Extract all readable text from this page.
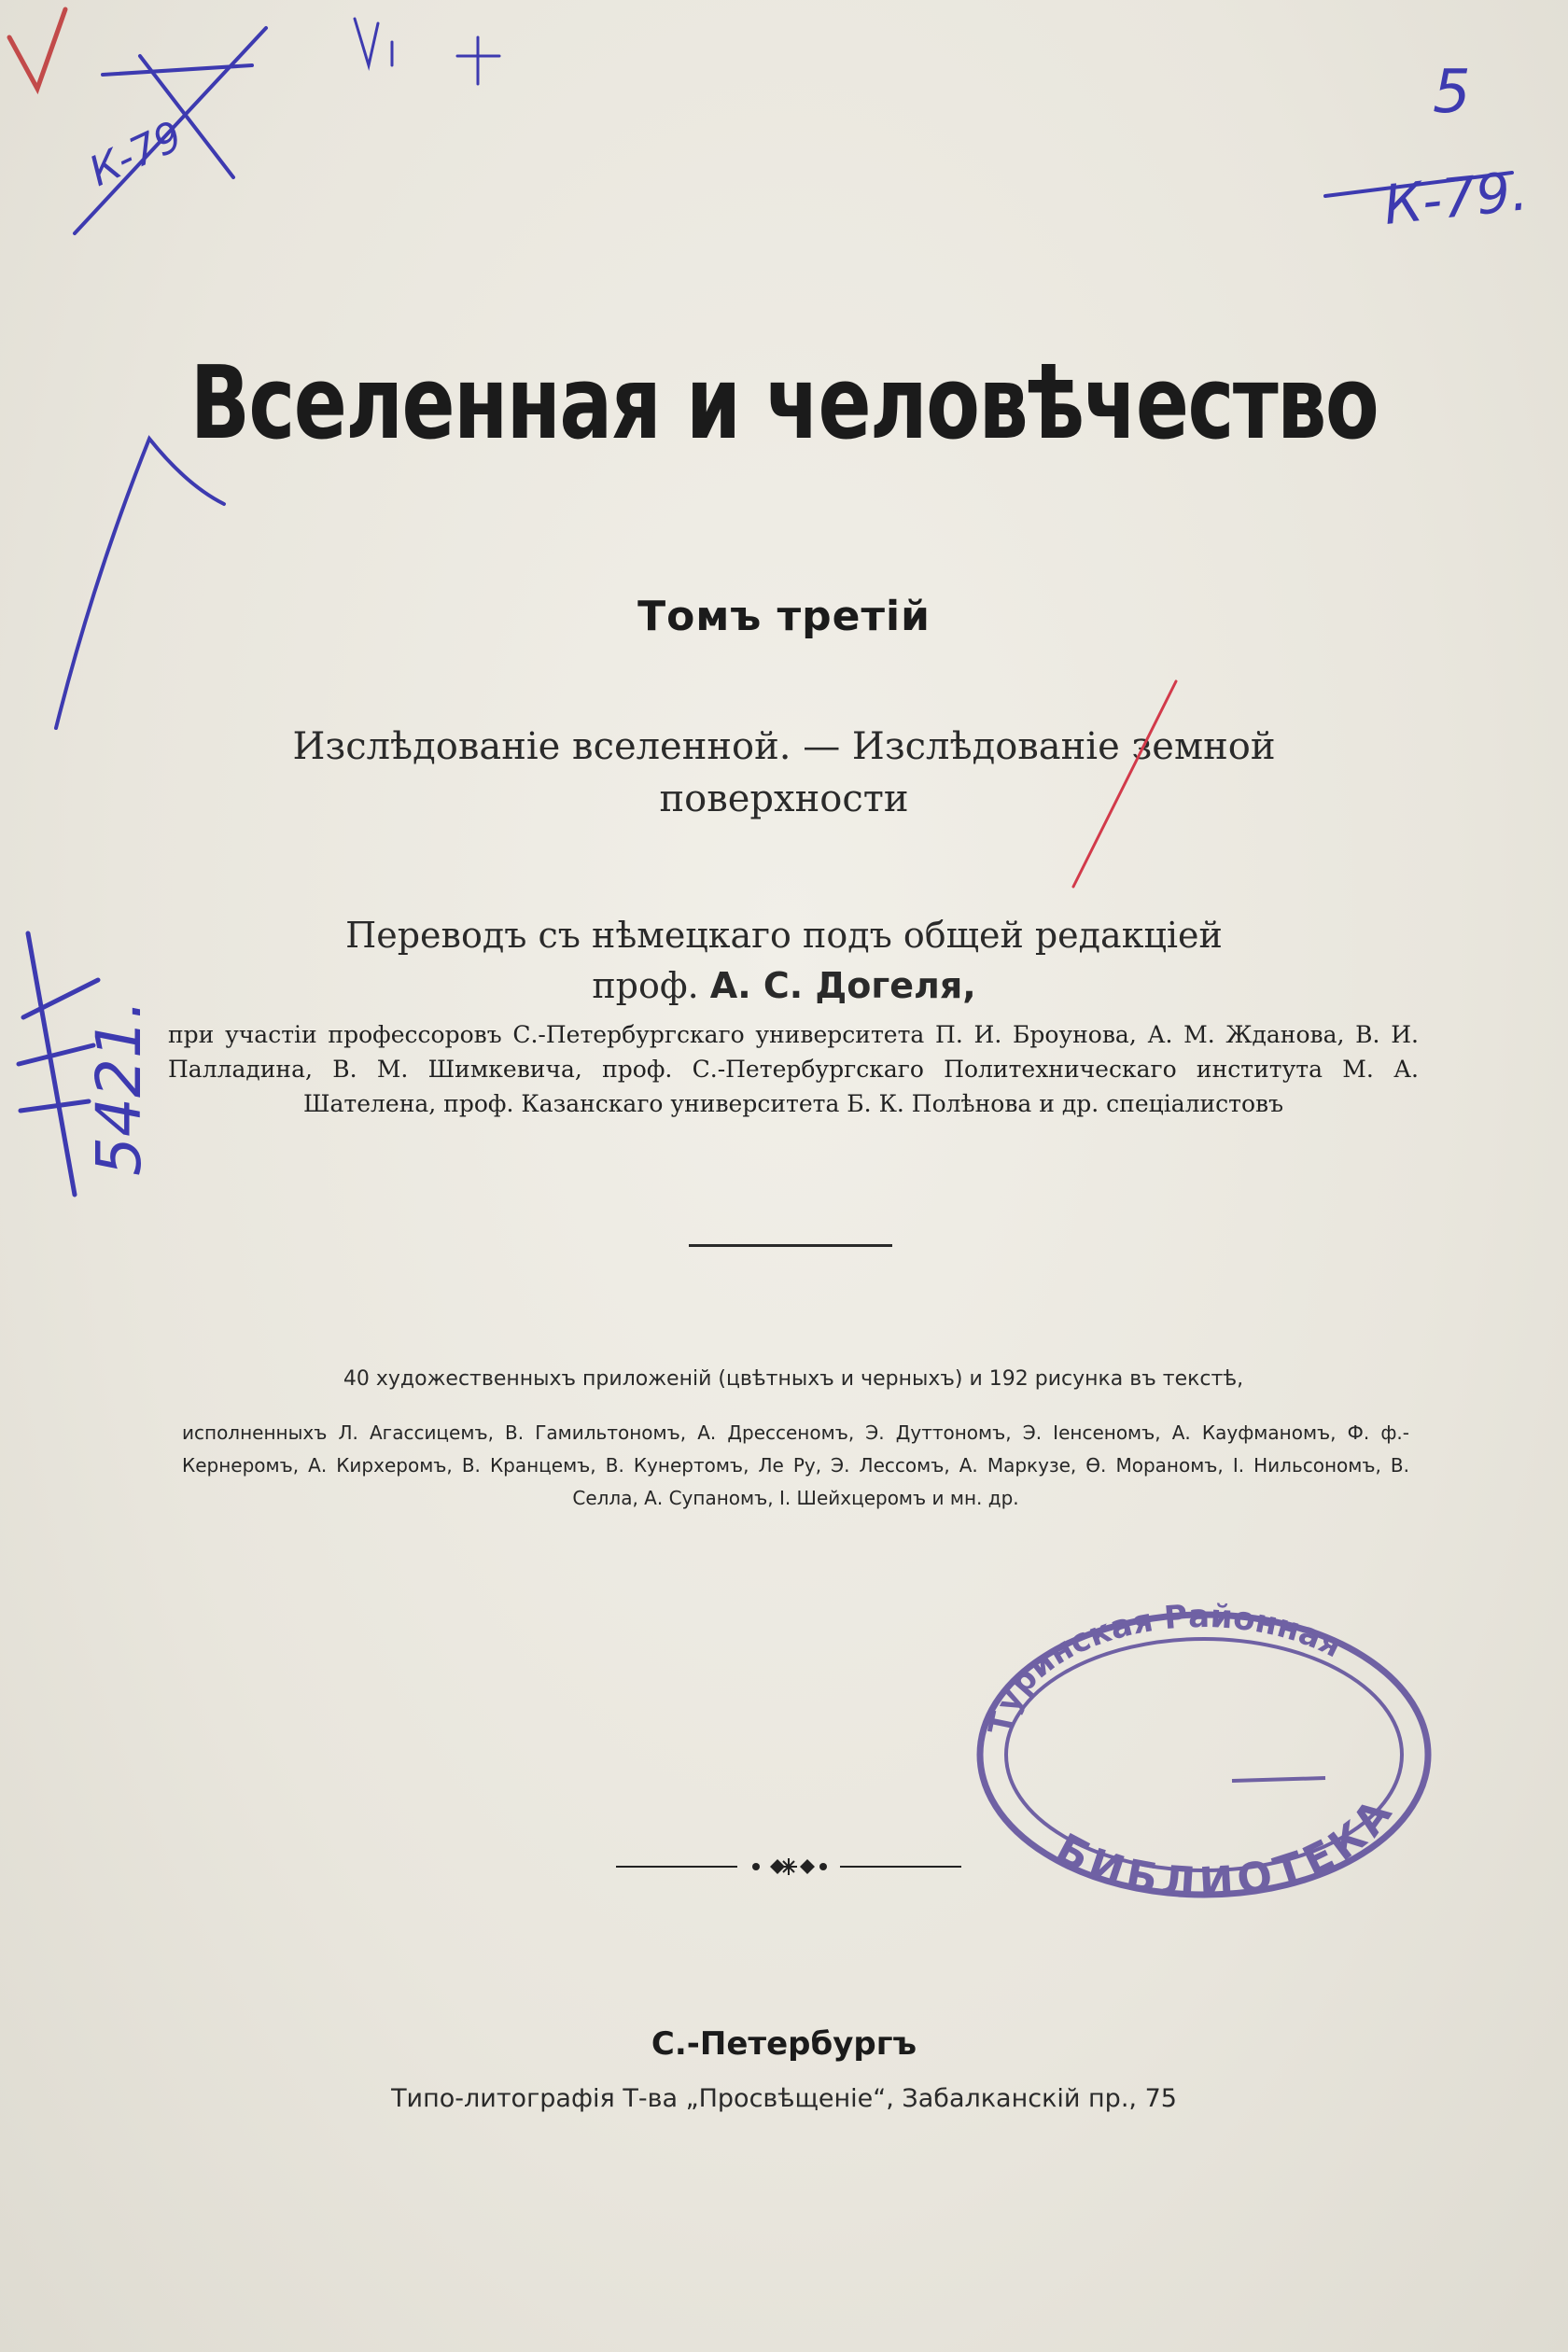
Вселенная и человѣчество
Томъ третій
Изслѣдованіе вселенной. — Изслѣдованіе земной
поверхности
Переводъ съ нѣмецкаго подъ общей редакціей
проф. А. С. Догеля,
при участіи профессоровъ С.-Петербургскаго университета П. И. Броунова, А. М. Жданова, В. И. Палладина, В. М. Шимкевича, проф. С.-Петербургскаго Политехническаго института М. А. Шателена, проф. Казанскаго университета Б. К. Полѣнова и др. спеціалистовъ
40 художественныхъ приложеній (цвѣтныхъ и черныхъ) и 192 рисунка въ текстѣ,
исполненныхъ Л. Агассицемъ, В. Гамильтономъ, А. Дрессеномъ, Э. Дуттономъ, Э. Іенсеномъ, А. Кауфманомъ, Ф. ф.-Кернеромъ, А. Кирхеромъ, В. Кранцемъ, В. Кунертомъ, Ле Ру, Э. Лессомъ, А. Маркузе, Ѳ. Мораномъ, І. Нильсономъ, В. Селла, А. Супаномъ, І. Шейхцеромъ и мн. др.
С.-Петербургъ
Типо-литографія Т-ва „Просвѣщеніе“, Забалканскій пр., 75
Туринская Районная
БИБЛИОТЕКА
5
К-79.
К-79
5421.
